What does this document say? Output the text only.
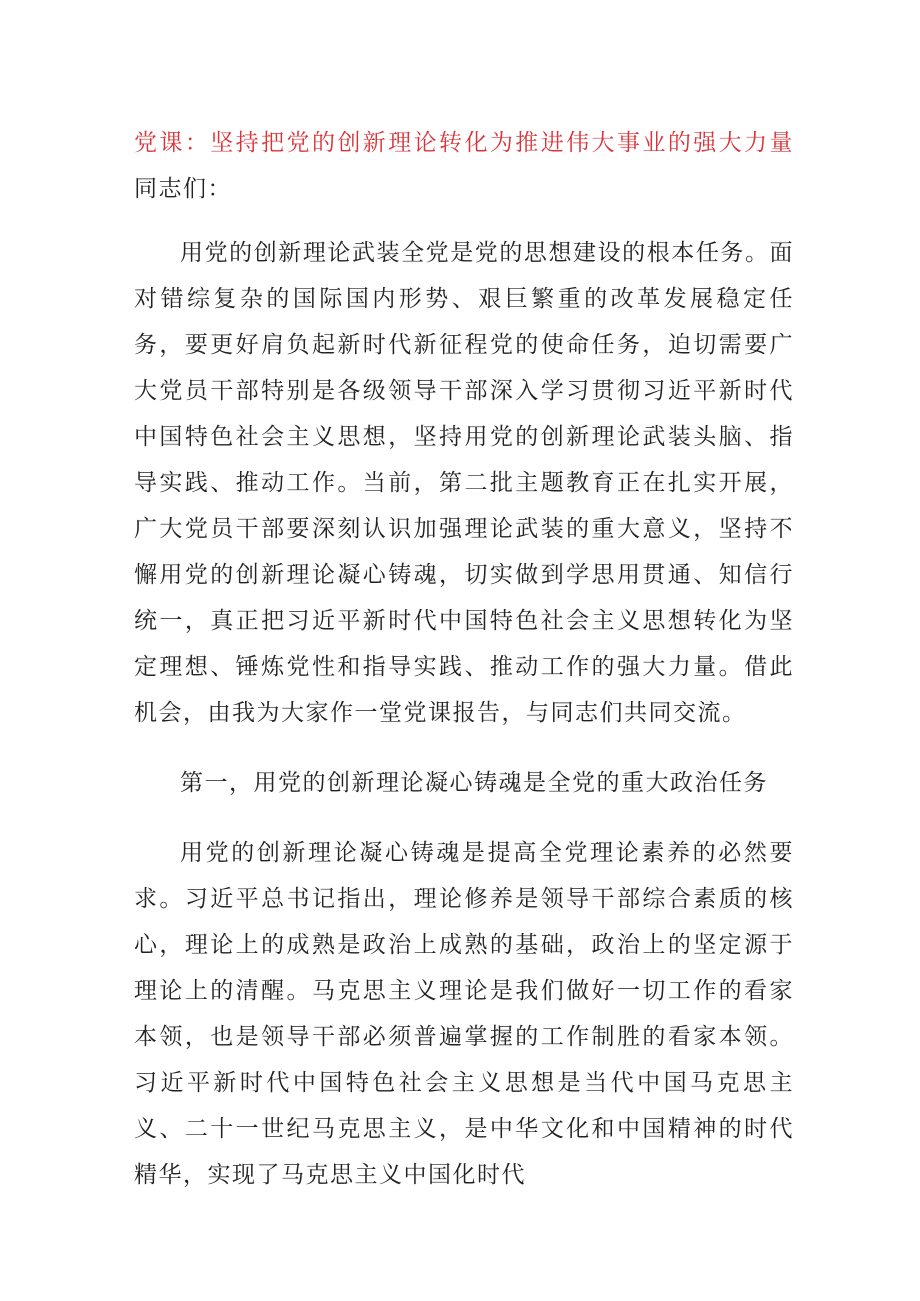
党课：坚持把党的创新理论转化为推进伟大事业的强大力量同志们：

用党的创新理论武装全党是党的思想建设的根本任务。面对错综复杂的国际国内形势、艰巨繁重的改革发展稳定任务，要更好肩负起新时代新征程党的使命任务，迫切需要广大党员干部特别是各级领导干部深入学习贯彻习近平新时代中国特色社会主义思想，坚持用党的创新理论武装头脑、指导实践、推动工作。当前，第二批主题教育正在扎实开展，广大党员干部要深刻认识加强理论武装的重大意义，坚持不懈用党的创新理论凝心铸魂，切实做到学思用贯通、知信行统一，真正把习近平新时代中国特色社会主义思想转化为坚定理想、锤炼党性和指导实践、推动工作的强大力量。借此机会，由我为大家作一堂党课报告，与同志们共同交流。

第一，用党的创新理论凝心铸魂是全党的重大政治任务

用党的创新理论凝心铸魂是提高全党理论素养的必然要求。习近平总书记指出，理论修养是领导干部综合素质的核心，理论上的成熟是政治上成熟的基础，政治上的坚定源于理论上的清醒。马克思主义理论是我们做好一切工作的看家本领，也是领导干部必须普遍掌握的工作制胜的看家本领。习近平新时代中国特色社会主义思想是当代中国马克思主义、二十一世纪马克思主义，是中华文化和中国精神的时代精华，实现了马克思主义中国化时代
